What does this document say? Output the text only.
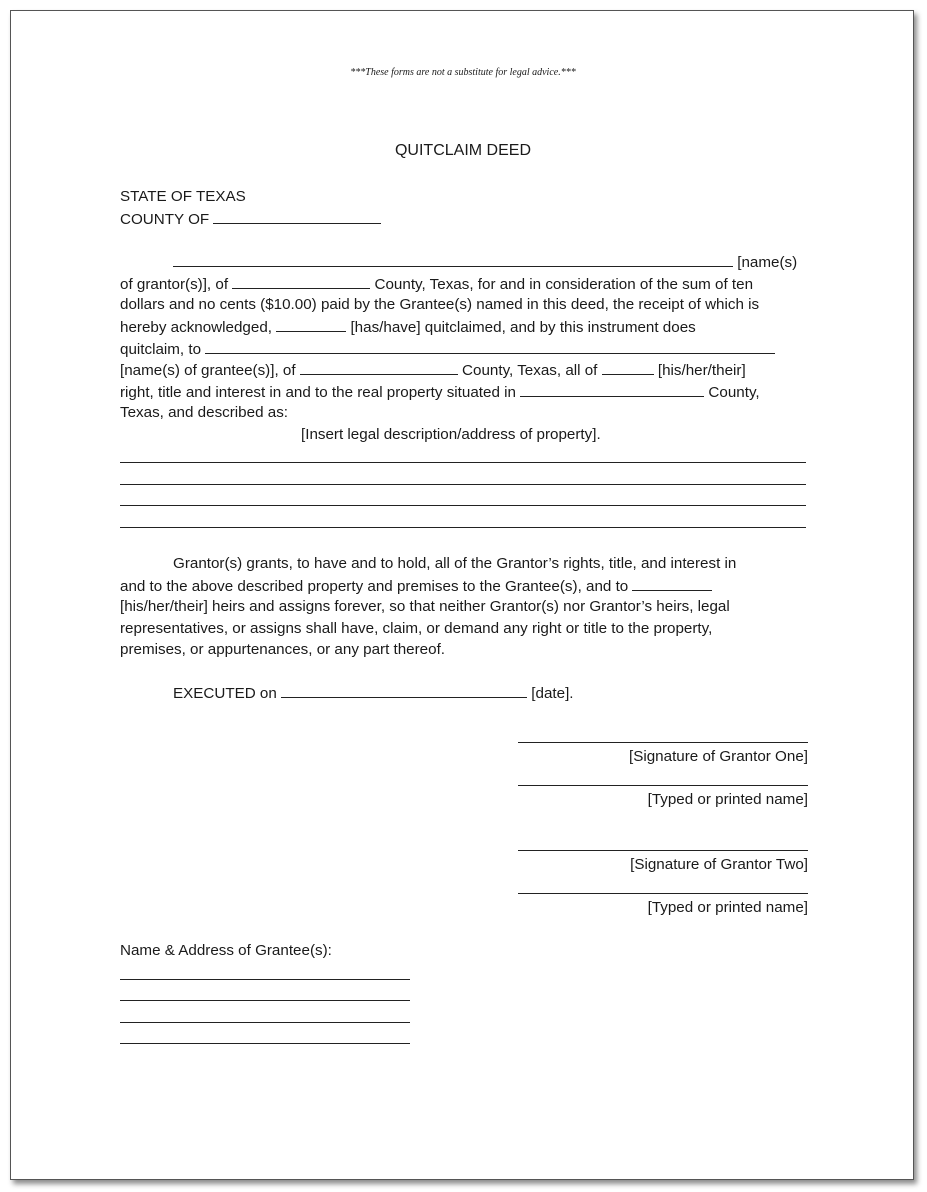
***These forms are not a substitute for legal advice.***
QUITCLAIM DEED
STATE OF TEXAS
COUNTY OF
[name(s)
of grantor(s)], of	County, Texas, for and in consideration of the sum of ten
dollars and no cents ($10.00) paid by the Grantee(s) named in this deed, the receipt of which is
hereby acknowledged,	[has/have] quitclaimed, and by this instrument does
quitclaim, to
[name(s) of grantee(s)], of	County, Texas, all of	[his/her/their]
right, title and interest in and to the real property situated in	County,
Texas, and described as:
[Insert legal description/address of property].
Grantor(s) grants, to have and to hold, all of the Grantor’s rights, title, and interest in
and to the above described property and premises to the Grantee(s), and to
[his/her/their] heirs and assigns forever, so that neither Grantor(s) nor Grantor’s heirs, legal
representatives, or assigns shall have, claim, or demand any right or title to the property,
premises, or appurtenances, or any part thereof.
EXECUTED on	[date].
[Signature of Grantor One]
[Typed or printed name]
[Signature of Grantor Two]
[Typed or printed name]
Name & Address of Grantee(s):
